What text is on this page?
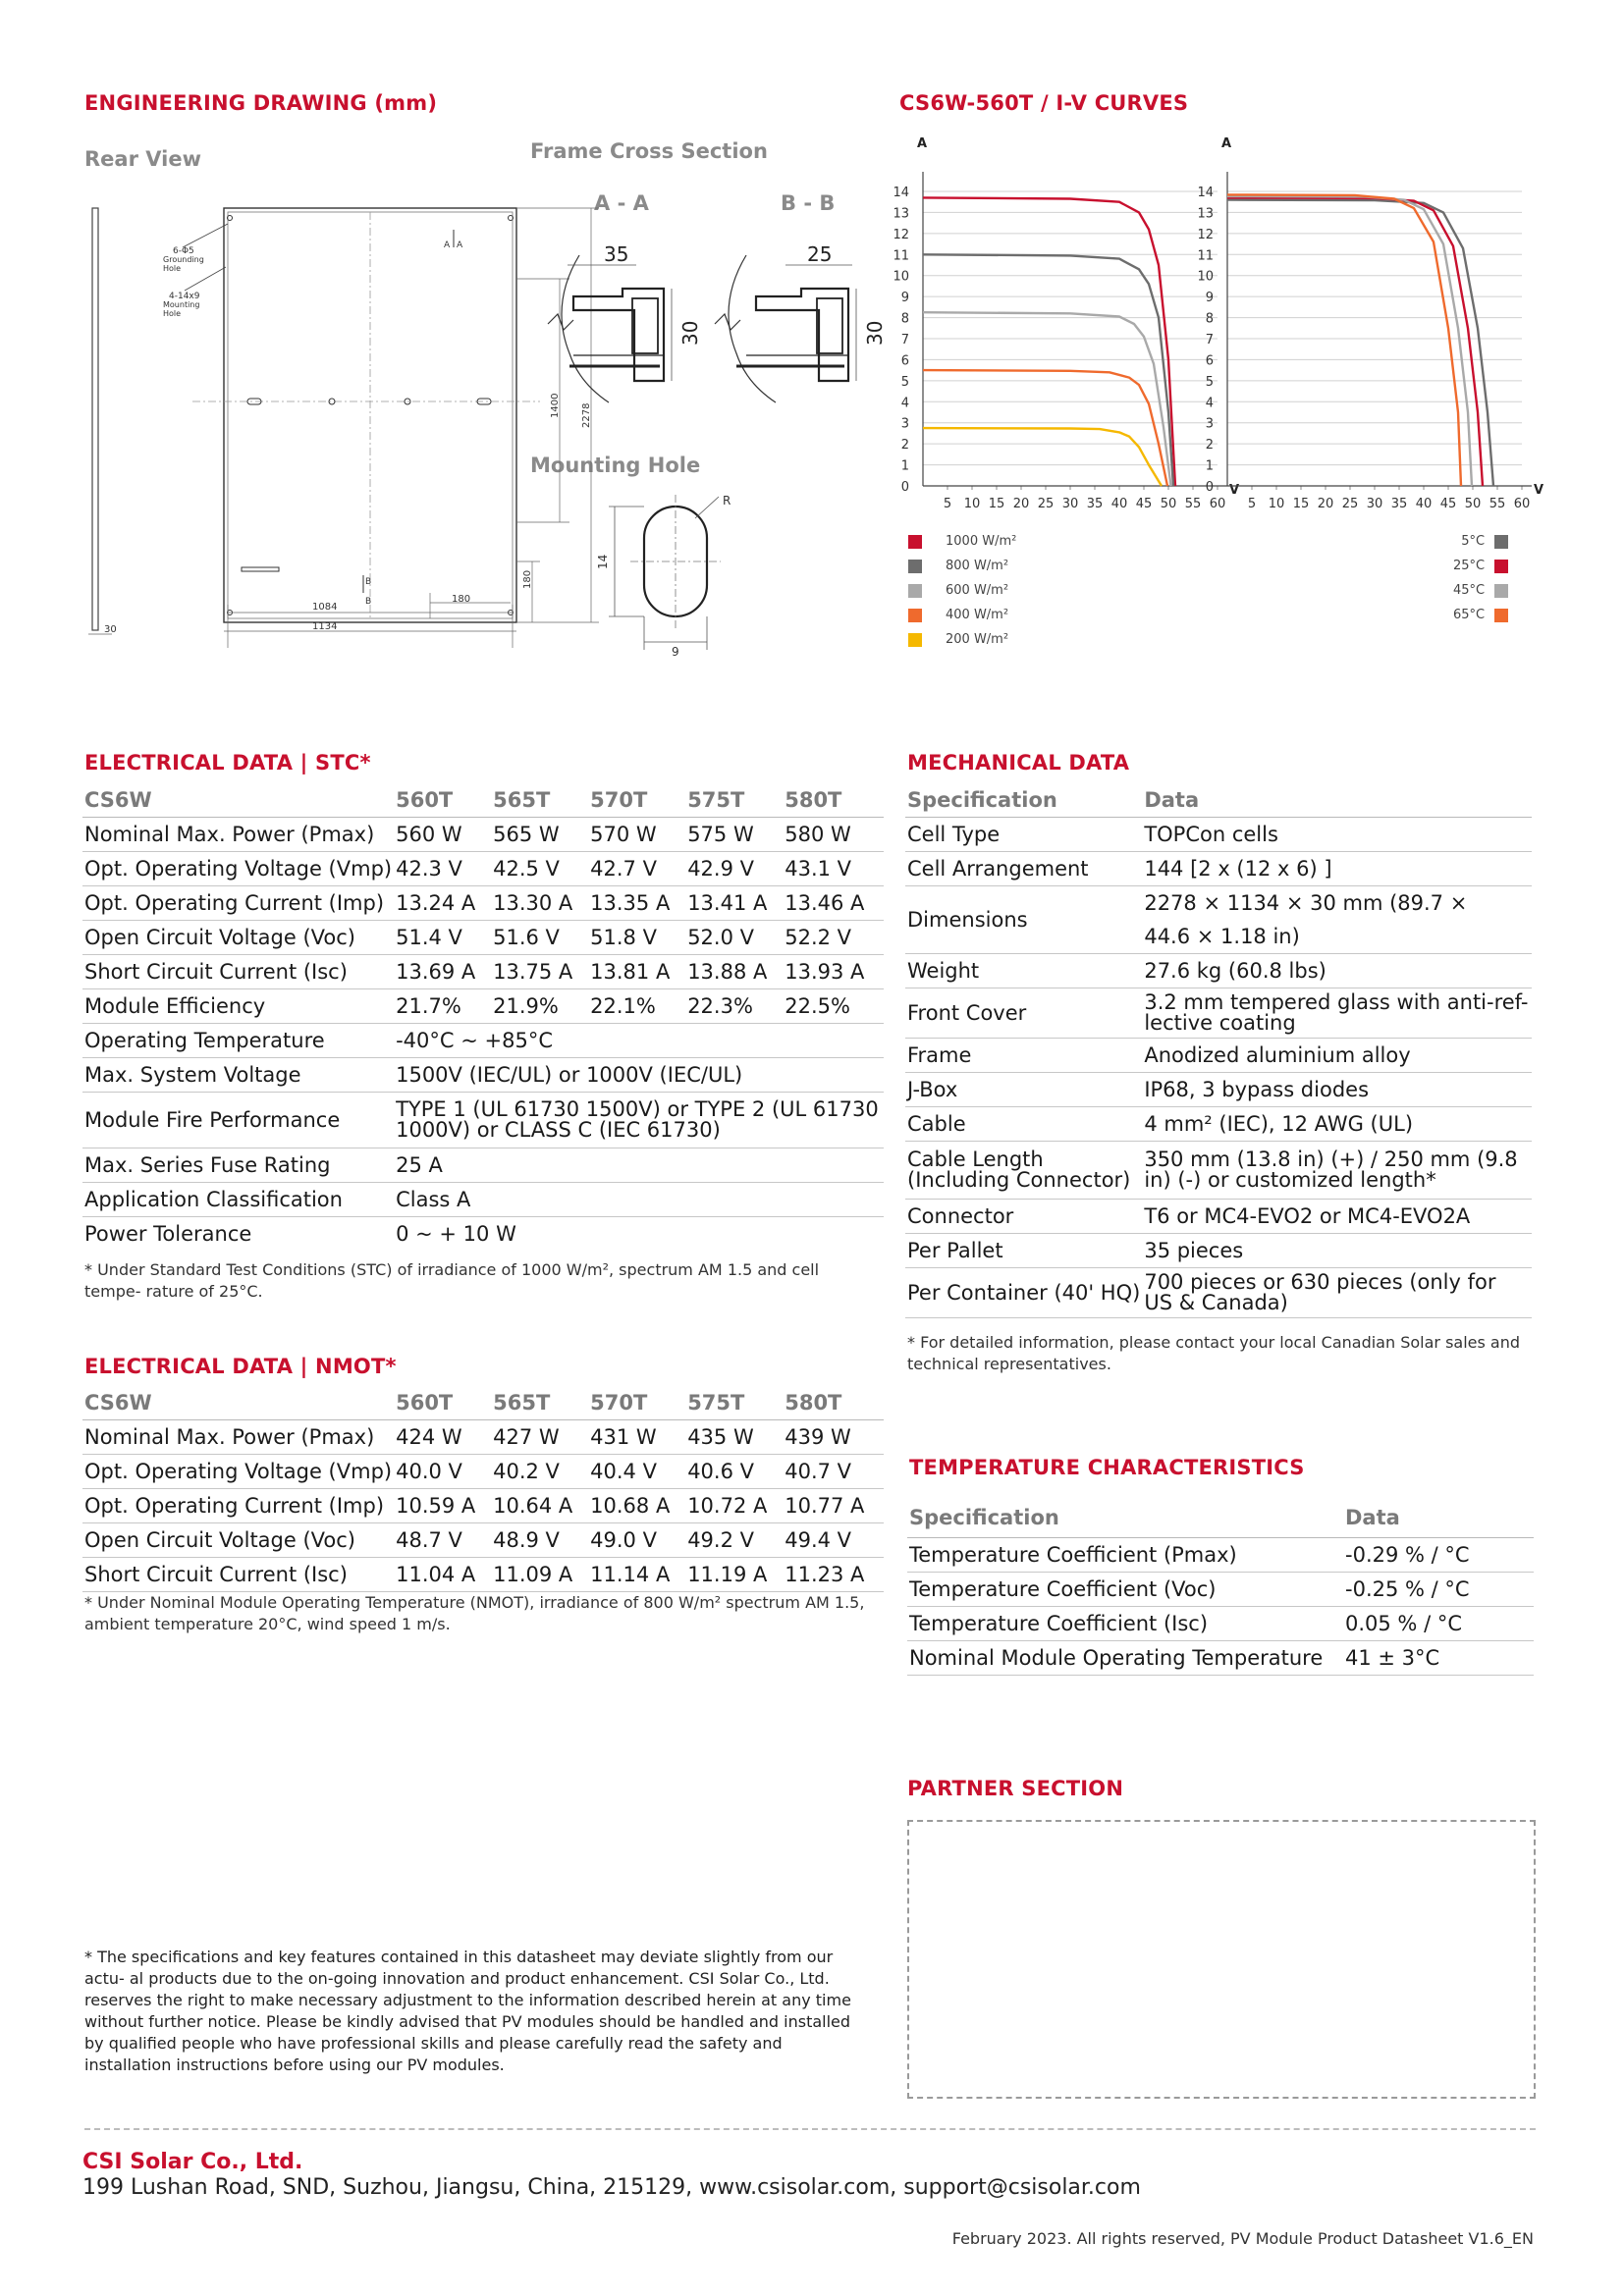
ENGINEERING DRAWING (mm)
Rear View	Frame Cross Section
A - A	B - B
Mounting Hole
6-Φ5
Grounding
Hole
4-14x9
Mounting
Hole
A A
B
B
1400 2278
180
180
1084
1134
30
35
30
25
30
R
14
9
CS6W-560T / I-V CURVES
0
1
2
3
4
5
6
7
8
9
10
11
12
13
14
5 10 15 20 25 30 35 40 45 50 55 60
A
V
0
1
2
3
4
5
6
7
8
9
10
11
12
13
14
5 10 15 20 25 30 35 40 45 50 55 60
A
V
1000 W/m²
800 W/m²
600 W/m²
400 W/m²
200 W/m²
5°C
25°C
45°C
65°C
ELECTRICAL DATA | STC*
CS6W	560T	565T	570T	575T	580T
Nominal Max. Power (Pmax)	560 W	565 W	570 W	575 W	580 W
Opt. Operating Voltage (Vmp)	42.3 V	42.5 V	42.7 V	42.9 V	43.1 V
Opt. Operating Current (Imp)	13.24 A	13.30 A	13.35 A	13.41 A	13.46 A
Open Circuit Voltage (Voc)	51.4 V	51.6 V	51.8 V	52.0 V	52.2 V
Short Circuit Current (Isc)	13.69 A	13.75 A	13.81 A	13.88 A	13.93 A
Module Efficiency	21.7%	21.9%	22.1%	22.3%	22.5%
Operating Temperature	-40°C ~ +85°C				
Max. System Voltage	1500V (IEC/UL) or 1000V (IEC/UL)				
Module Fire Performance	TYPE 1 (UL 61730 1500V) or TYPE 2 (UL 61730 1000V) or CLASS C (IEC 61730)				
Max. Series Fuse Rating	25 A				
Application Classification	Class A				
Power Tolerance	0 ~ + 10 W				
* Under Standard Test Conditions (STC) of irradiance of 1000 W/m², spectrum AM 1.5 and cell tempe- rature of 25°C.
ELECTRICAL DATA | NMOT*
CS6W	560T	565T	570T	575T	580T
Nominal Max. Power (Pmax)	424 W	427 W	431 W	435 W	439 W
Opt. Operating Voltage (Vmp)	40.0 V	40.2 V	40.4 V	40.6 V	40.7 V
Opt. Operating Current (Imp)	10.59 A	10.64 A	10.68 A	10.72 A	10.77 A
Open Circuit Voltage (Voc)	48.7 V	48.9 V	49.0 V	49.2 V	49.4 V
Short Circuit Current (Isc)	11.04 A	11.09 A	11.14 A	11.19 A	11.23 A
* Under Nominal Module Operating Temperature (NMOT), irradiance of 800 W/m² spectrum AM 1.5, ambient temperature 20°C, wind speed 1 m/s.
MECHANICAL DATA
Specification	Data
Cell Type	TOPCon cells
Cell Arrangement	144 [2 x (12 x 6) ]
Dimensions	2278 × 1134 × 30 mm (89.7 × 44.6 × 1.18 in)
Weight	27.6 kg (60.8 lbs)
Front Cover	3.2 mm tempered glass with anti-ref- lective coating
Frame	Anodized aluminium alloy
J-Box	IP68, 3 bypass diodes
Cable	4 mm² (IEC), 12 AWG (UL)
Cable Length (Including Connector)	350 mm (13.8 in) (+) / 250 mm (9.8 in) (-) or customized length*
Connector	T6 or MC4-EVO2 or MC4-EVO2A
Per Pallet	35 pieces
Per Container (40' HQ)	700 pieces or 630 pieces (only for US & Canada)
* For detailed information, please contact your local Canadian Solar sales and technical representatives.
TEMPERATURE CHARACTERISTICS
Specification	Data
Temperature Coefficient (Pmax)	-0.29 % / °C
Temperature Coefficient (Voc)	-0.25 % / °C
Temperature Coefficient (Isc)	0.05 % / °C
Nominal Module Operating Temperature	41 ± 3°C
PARTNER SECTION
* The specifications and key features contained in this datasheet may deviate slightly from our actu- al products due to the on-going innovation and product enhancement. CSI Solar Co., Ltd. reserves the right to make necessary adjustment to the information described herein at any time without further notice. Please be kindly advised that PV modules should be handled and installed by qualified people who have professional skills and please carefully read the safety and installation instructions before using our PV modules.
CSI Solar Co., Ltd.
199 Lushan Road, SND, Suzhou, Jiangsu, China, 215129, www.csisolar.com, support@csisolar.com
February 2023. All rights reserved, PV Module Product Datasheet V1.6_EN
